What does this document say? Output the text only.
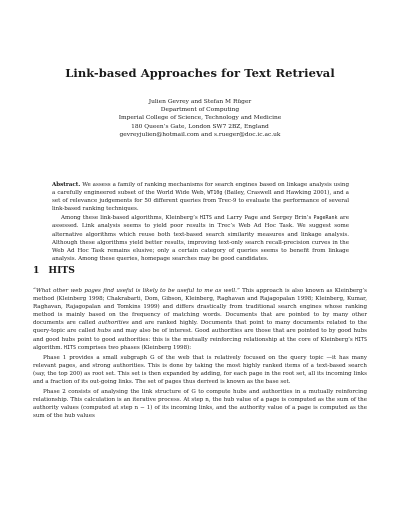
Link-based Approaches for Text Retrieval
Julien Gevrey and Stefan M Rüger
Department of Computing
Imperial College of Science, Technology and Medicine
180 Queen’s Gate, London SW7 2BZ, England
gevreyjulien@hotmail.com and s.rueger@doc.ic.ac.uk

Abstract. We assess a family of ranking mechanisms for search engines based on linkage analysis using a carefully engineered subset of the World Wide Web, WT10g (Bailey, Craswell and Hawking 2001), and a set of relevance judgements for 50 different queries from Trec-9 to evaluate the performance of several link-based ranking techniques.

Among these link-based algorithms, Kleinberg’s HITS and Larry Page and Sergey Brin’s PageRank are assessed. Link analysis seems to yield poor results in Trec’s Web Ad Hoc Task. We suggest some alternative algorithms which reuse both text-based search similarity measures and linkage analysis. Although these algorithms yield better results, improving text-only search recall-precision curves in the Web Ad Hoc Task remains elusive; only a certain category of queries seems to benefit from linkage analysis. Among these queries, homepage searches may be good candidates.

1 HITS

“What other web pages find useful is likely to be useful to me as well.” This approach is also known as Kleinberg’s method (Kleinberg 1998; Chakrabarti, Dom, Gibson, Kleinberg, Raghavan and Rajagopalan 1998; Kleinberg, Kumar, Raghavan, Rajagopalan and Tomkins 1999) and differs drastically from traditional search engines whose ranking method is mainly based on the frequency of matching words. Documents that are pointed to by many other documents are called authorities and are ranked highly. Documents that point to many documents related to the query-topic are called hubs and may also be of interest. Good authorities are those that are pointed to by good hubs and good hubs point to good authorities: this is the mutually reinforcing relationship at the core of Kleinberg’s HITS algorithm. HITS comprises two phases (Kleinberg 1998):

Phase 1 provides a small subgraph G of the web that is relatively focused on the query topic —it has many relevant pages, and strong authorities. This is done by taking the most highly ranked items of a text-based search (say, the top 200) as root set. This set is then expanded by adding, for each page in the root set, all its incoming links and a fraction of its out-going links. The set of pages thus derived is known as the base set.

Phase 2 consists of analysing the link structure of G to compute hubs and authorities in a mutually reinforcing relationship. This calculation is an iterative process. At step n, the hub value of a page is computed as the sum of the authority values (computed at step n − 1) of its incoming links, and the authority value of a page is computed as the sum of the hub values
